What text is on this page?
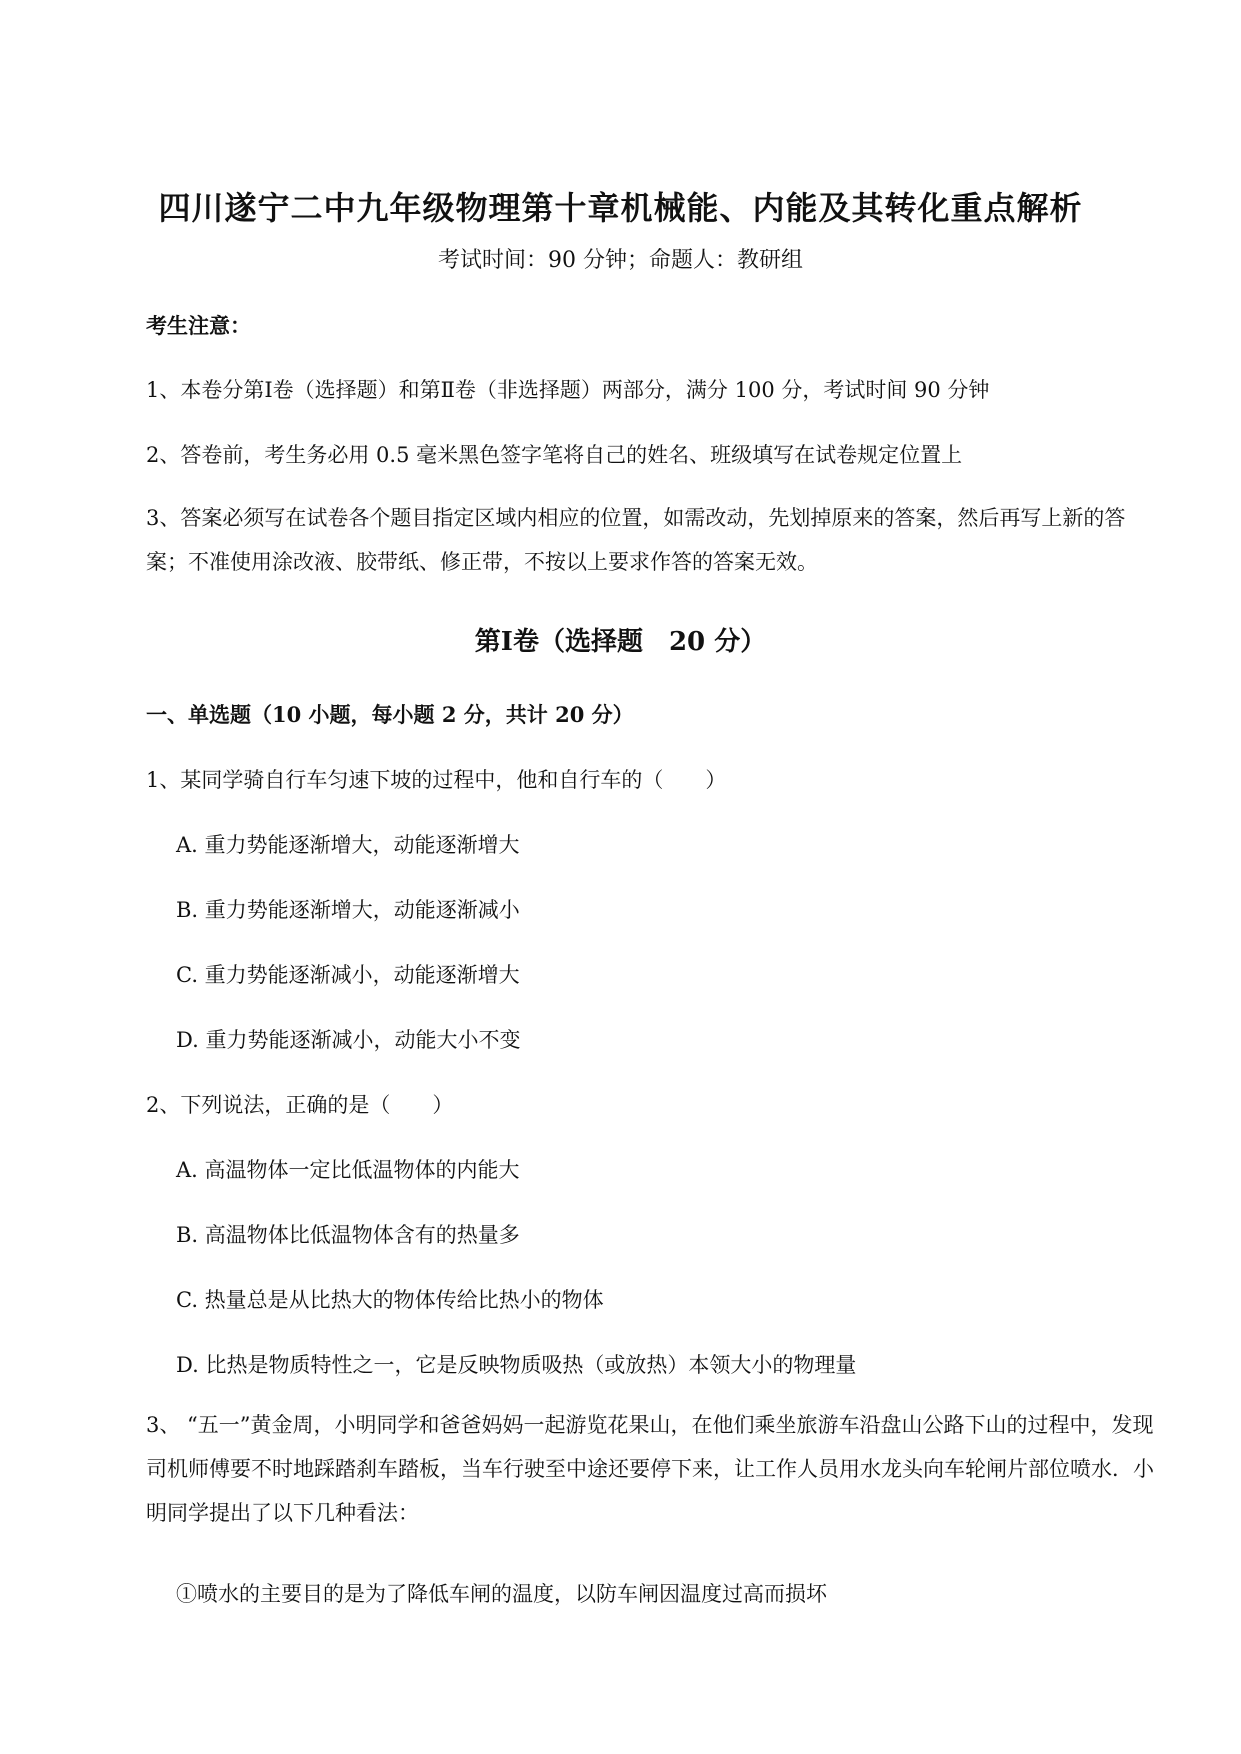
四川遂宁二中九年级物理第十章机械能、内能及其转化重点解析
考试时间：90 分钟；命题人：教研组
考生注意：
1、本卷分第Ⅰ卷（选择题）和第Ⅱ卷（非选择题）两部分，满分 100 分，考试时间 90 分钟
2、答卷前，考生务必用 0.5 毫米黑色签字笔将自己的姓名、班级填写在试卷规定位置上
3、答案必须写在试卷各个题目指定区域内相应的位置，如需改动，先划掉原来的答案，然后再写上新的答案；不准使用涂改液、胶带纸、修正带，不按以上要求作答的答案无效。
第Ⅰ卷（选择题　20 分）
一、单选题（10 小题，每小题 2 分，共计 20 分）
1、某同学骑自行车匀速下坡的过程中，他和自行车的（　　）
A. 重力势能逐渐增大，动能逐渐增大
B. 重力势能逐渐增大，动能逐渐减小
C. 重力势能逐渐减小，动能逐渐增大
D. 重力势能逐渐减小，动能大小不变
2、下列说法，正确的是（　　）
A. 高温物体一定比低温物体的内能大
B. 高温物体比低温物体含有的热量多
C. 热量总是从比热大的物体传给比热小的物体
D. 比热是物质特性之一，它是反映物质吸热（或放热）本领大小的物理量
3、 “五一”黄金周，小明同学和爸爸妈妈一起游览花果山，在他们乘坐旅游车沿盘山公路下山的过程中，发现司机师傅要不时地踩踏刹车踏板，当车行驶至中途还要停下来，让工作人员用水龙头向车轮闸片部位喷水．小明同学提出了以下几种看法：
①喷水的主要目的是为了降低车闸的温度，以防车闸因温度过高而损坏
